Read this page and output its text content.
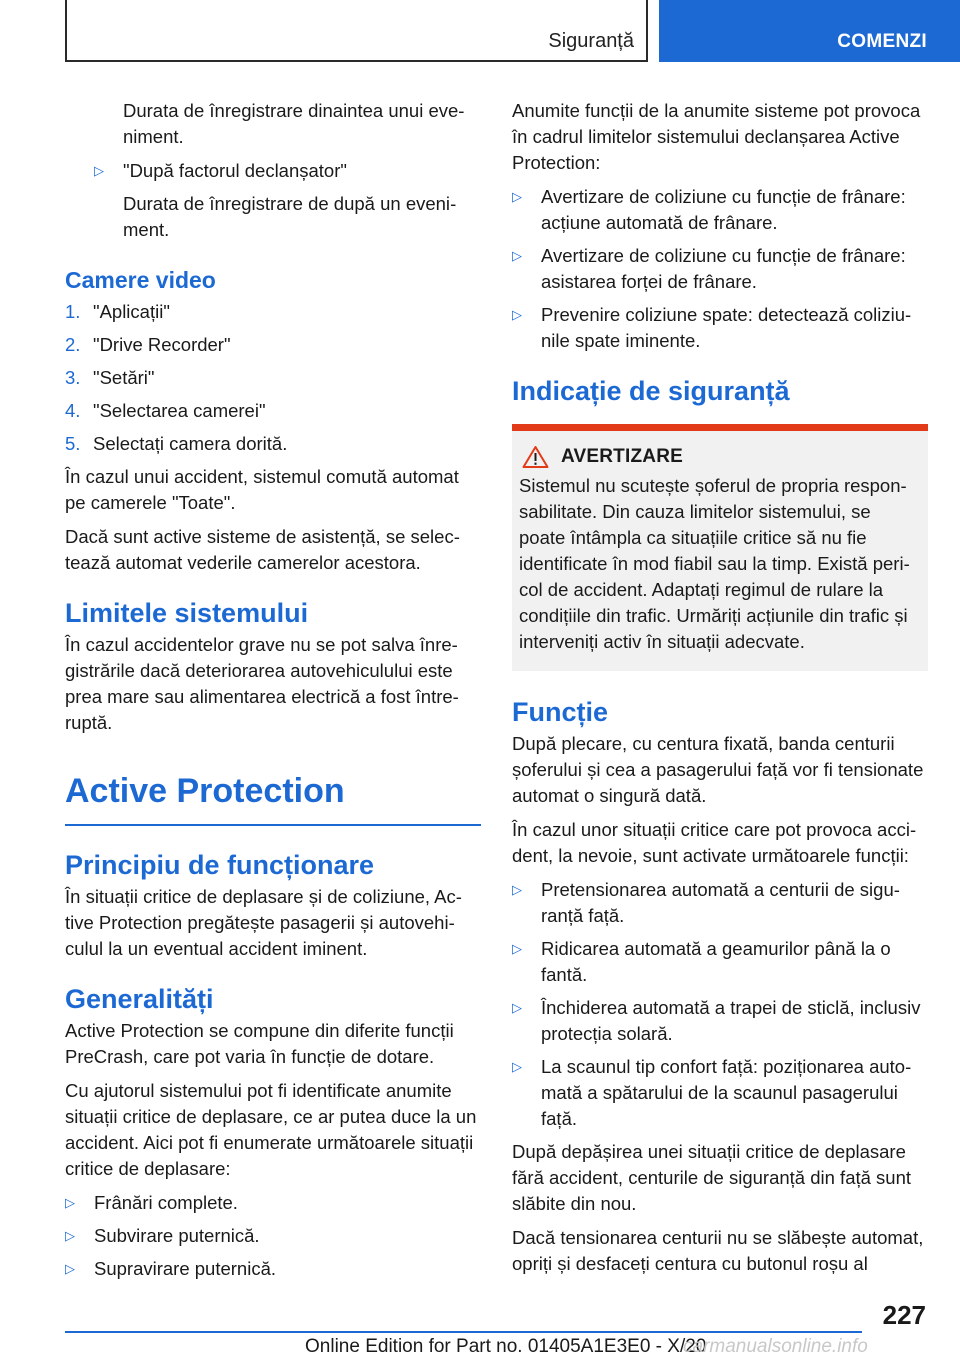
Siguranță	COMENZI
Durata de înregistrare dinaintea unui eveniment.
▷	"După factorul declanșator"
Durata de înregistrare de după un eveniment.
Camere video
1. "Aplicații"
2. "Drive Recorder"
3. "Setări"
4. "Selectarea camerei"
5. Selectați camera dorită.

În cazul unui accident, sistemul comută automat pe camerele "Toate".

Dacă sunt active sisteme de asistență, se selectează automat vederile camerelor acestora.

Limitele sistemului

În cazul accidentelor grave nu se pot salva înregistrările dacă deteriorarea autovehiculului este prea mare sau alimentarea electrică a fost întreruptă.

Active Protection
Principiu de funcționare

În situații critice de deplasare și de coliziune, Active Protection pregătește pasagerii și autovehiculul la un eventual accident iminent.

Generalități

Active Protection se compune din diferite funcții PreCrash, care pot varia în funcție de dotare.

Cu ajutorul sistemului pot fi identificate anumite situații critice de deplasare, ce ar putea duce la un accident. Aici pot fi enumerate următoarele situații critice de deplasare:

▷	Frânări complete.
▷	Subvirare puternică.
▷	Supravirare puternică.

Anumite funcții de la anumite sisteme pot provoca în cadrul limitelor sistemului declanșarea Active Protection:

▷	Avertizare de coliziune cu funcție de frânare: acțiune automată de frânare.
▷	Avertizare de coliziune cu funcție de frânare: asistarea forței de frânare.
▷	Prevenire coliziune spate: detectează coliziunile spate iminente.
Indicație de siguranță
AVERTIZARE

Sistemul nu scutește șoferul de propria responsabilitate. Din cauza limitelor sistemului, se poate întâmpla ca situațiile critice să nu fie identificate în mod fiabil sau la timp. Există pericol de accident. Adaptați regimul de rulare la condițiile din trafic. Urmăriți acțiunile din trafic și interveniți activ în situații adecvate.

Funcție

După plecare, cu centura fixată, banda centurii șoferului și cea a pasagerului față vor fi tensionate automat o singură dată.

În cazul unor situații critice care pot provoca accident, la nevoie, sunt activate următoarele funcții:

▷	Pretensionarea automată a centurii de siguranță față.
▷	Ridicarea automată a geamurilor până la o fantă.
▷	Închiderea automată a trapei de sticlă, inclusiv protecția solară.
▷	La scaunul tip confort față: poziționarea automată a spătarului de la scaunul pasagerului față.

După depășirea unei situații critice de deplasare fără accident, centurile de siguranță din față sunt slăbite din nou.

Dacă tensionarea centurii nu se slăbește automat, opriți și desfaceți centura cu butonul roșu al

227
Online Edition for Part no. 01405A1E3E0 - X/20
carmanualsonline.info
